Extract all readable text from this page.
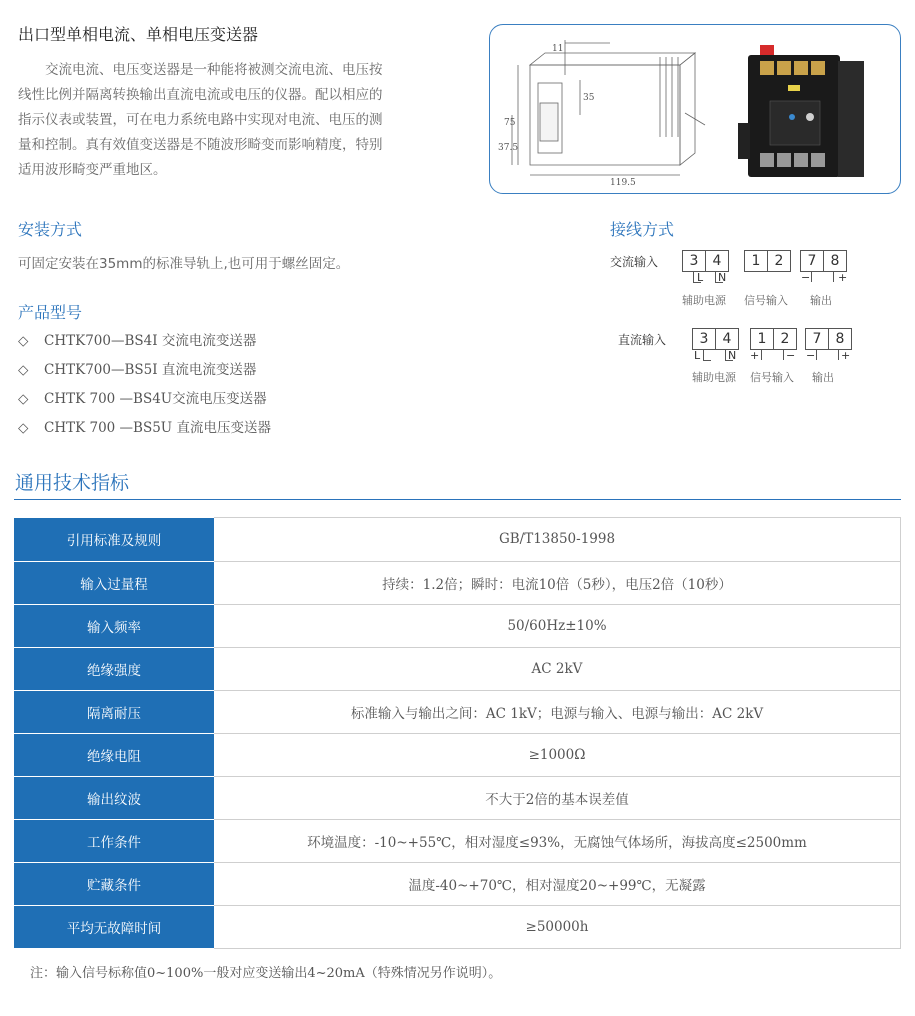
出口型单相电流、单相电压变送器
交流电流、电压变送器是一种能将被测交流电流、电压按
线性比例并隔离转换输出直流电流或电压的仪器。配以相应的
指示仪表或装置，可在电力系统电路中实现对电流、电压的测
量和控制。真有效值变送器是不随波形畸变而影响精度，特别
适用波形畸变严重地区。
11
35
75
37.5
119.5
安装方式
可固定安装在35mm的标准导轨上,也可用于螺丝固定。
产品型号
◇ CHTK700—BS4I 交流电流变送器
◇ CHTK700—BS5I 直流电流变送器
◇ CHTK 700 —BS4U交流电压变送器
◇ CHTK 700 —BS5U 直流电压变送器
接线方式
交流输入	3	4	1	2	7	8
L N	−	+
辅助电源 信号输入 输出
直流输入	3	4	1	2	7	8
L	N + − − +
辅助电源 信号输入 输出
通用技术指标
引用标准及规则	GB/T13850-1998
输入过量程	持续：1.2倍；瞬时：电流10倍（5秒），电压2倍（10秒）
输入频率	50/60Hz±10%
绝缘强度	AC 2kV
隔离耐压	标准输入与输出之间：AC 1kV；电源与输入、电源与输出：AC 2kV
绝缘电阻	≥1000Ω
输出纹波	不大于2倍的基本误差值
工作条件	环境温度：-10~+55℃，相对湿度≤93%，无腐蚀气体场所，海拔高度≤2500mm
贮藏条件	温度-40~+70℃，相对湿度20~+99℃，无凝露
平均无故障时间	≥50000h
注：输入信号标称值0~100%一般对应变送输出4~20mA（特殊情况另作说明）。
